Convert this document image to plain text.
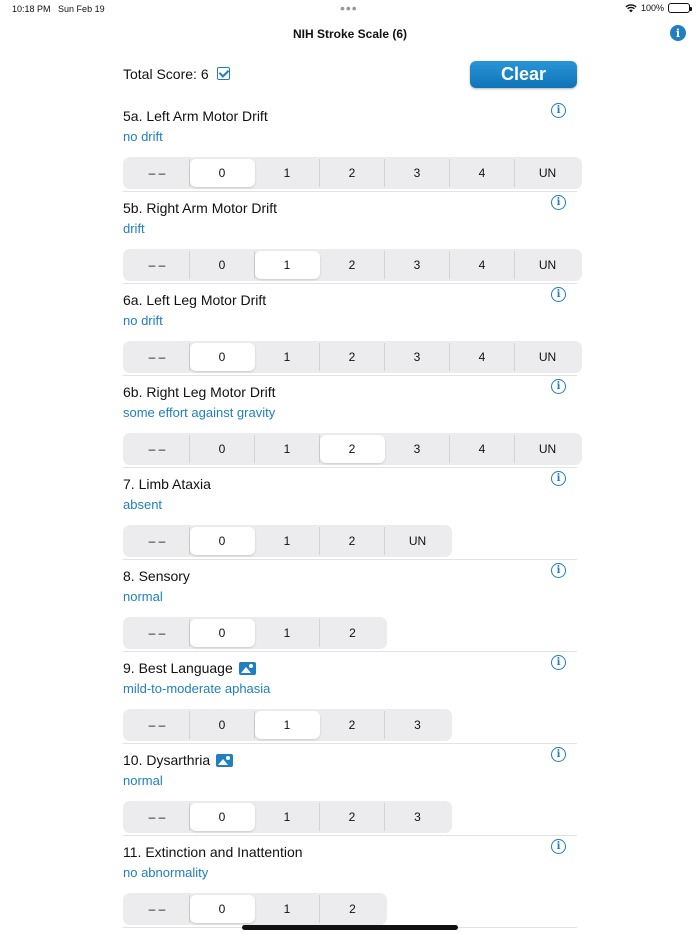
10:18 PM Sun Feb 19	•••	100%
NIH Stroke Scale (6)	i
Total Score: 6	Clear
5a. Left Arm Motor Drift
no drift
i
– –	0	1	2	3	4	UN
5b. Right Arm Motor Drift
drift
i
– –	0	1	2	3	4	UN
6a. Left Leg Motor Drift
no drift
i
– –	0	1	2	3	4	UN
6b. Right Leg Motor Drift
some effort against gravity
i
– –	0	1	2	3	4	UN
7. Limb Ataxia
absent
i
– –	0	1	2	UN
8. Sensory
normal
i
– –	0	1	2
9. Best Language
mild-to-moderate aphasia
i
– –	0	1	2	3
10. Dysarthria
normal
i
– –	0	1	2	3
11. Extinction and Inattention
no abnormality
i
– –	0	1	2
